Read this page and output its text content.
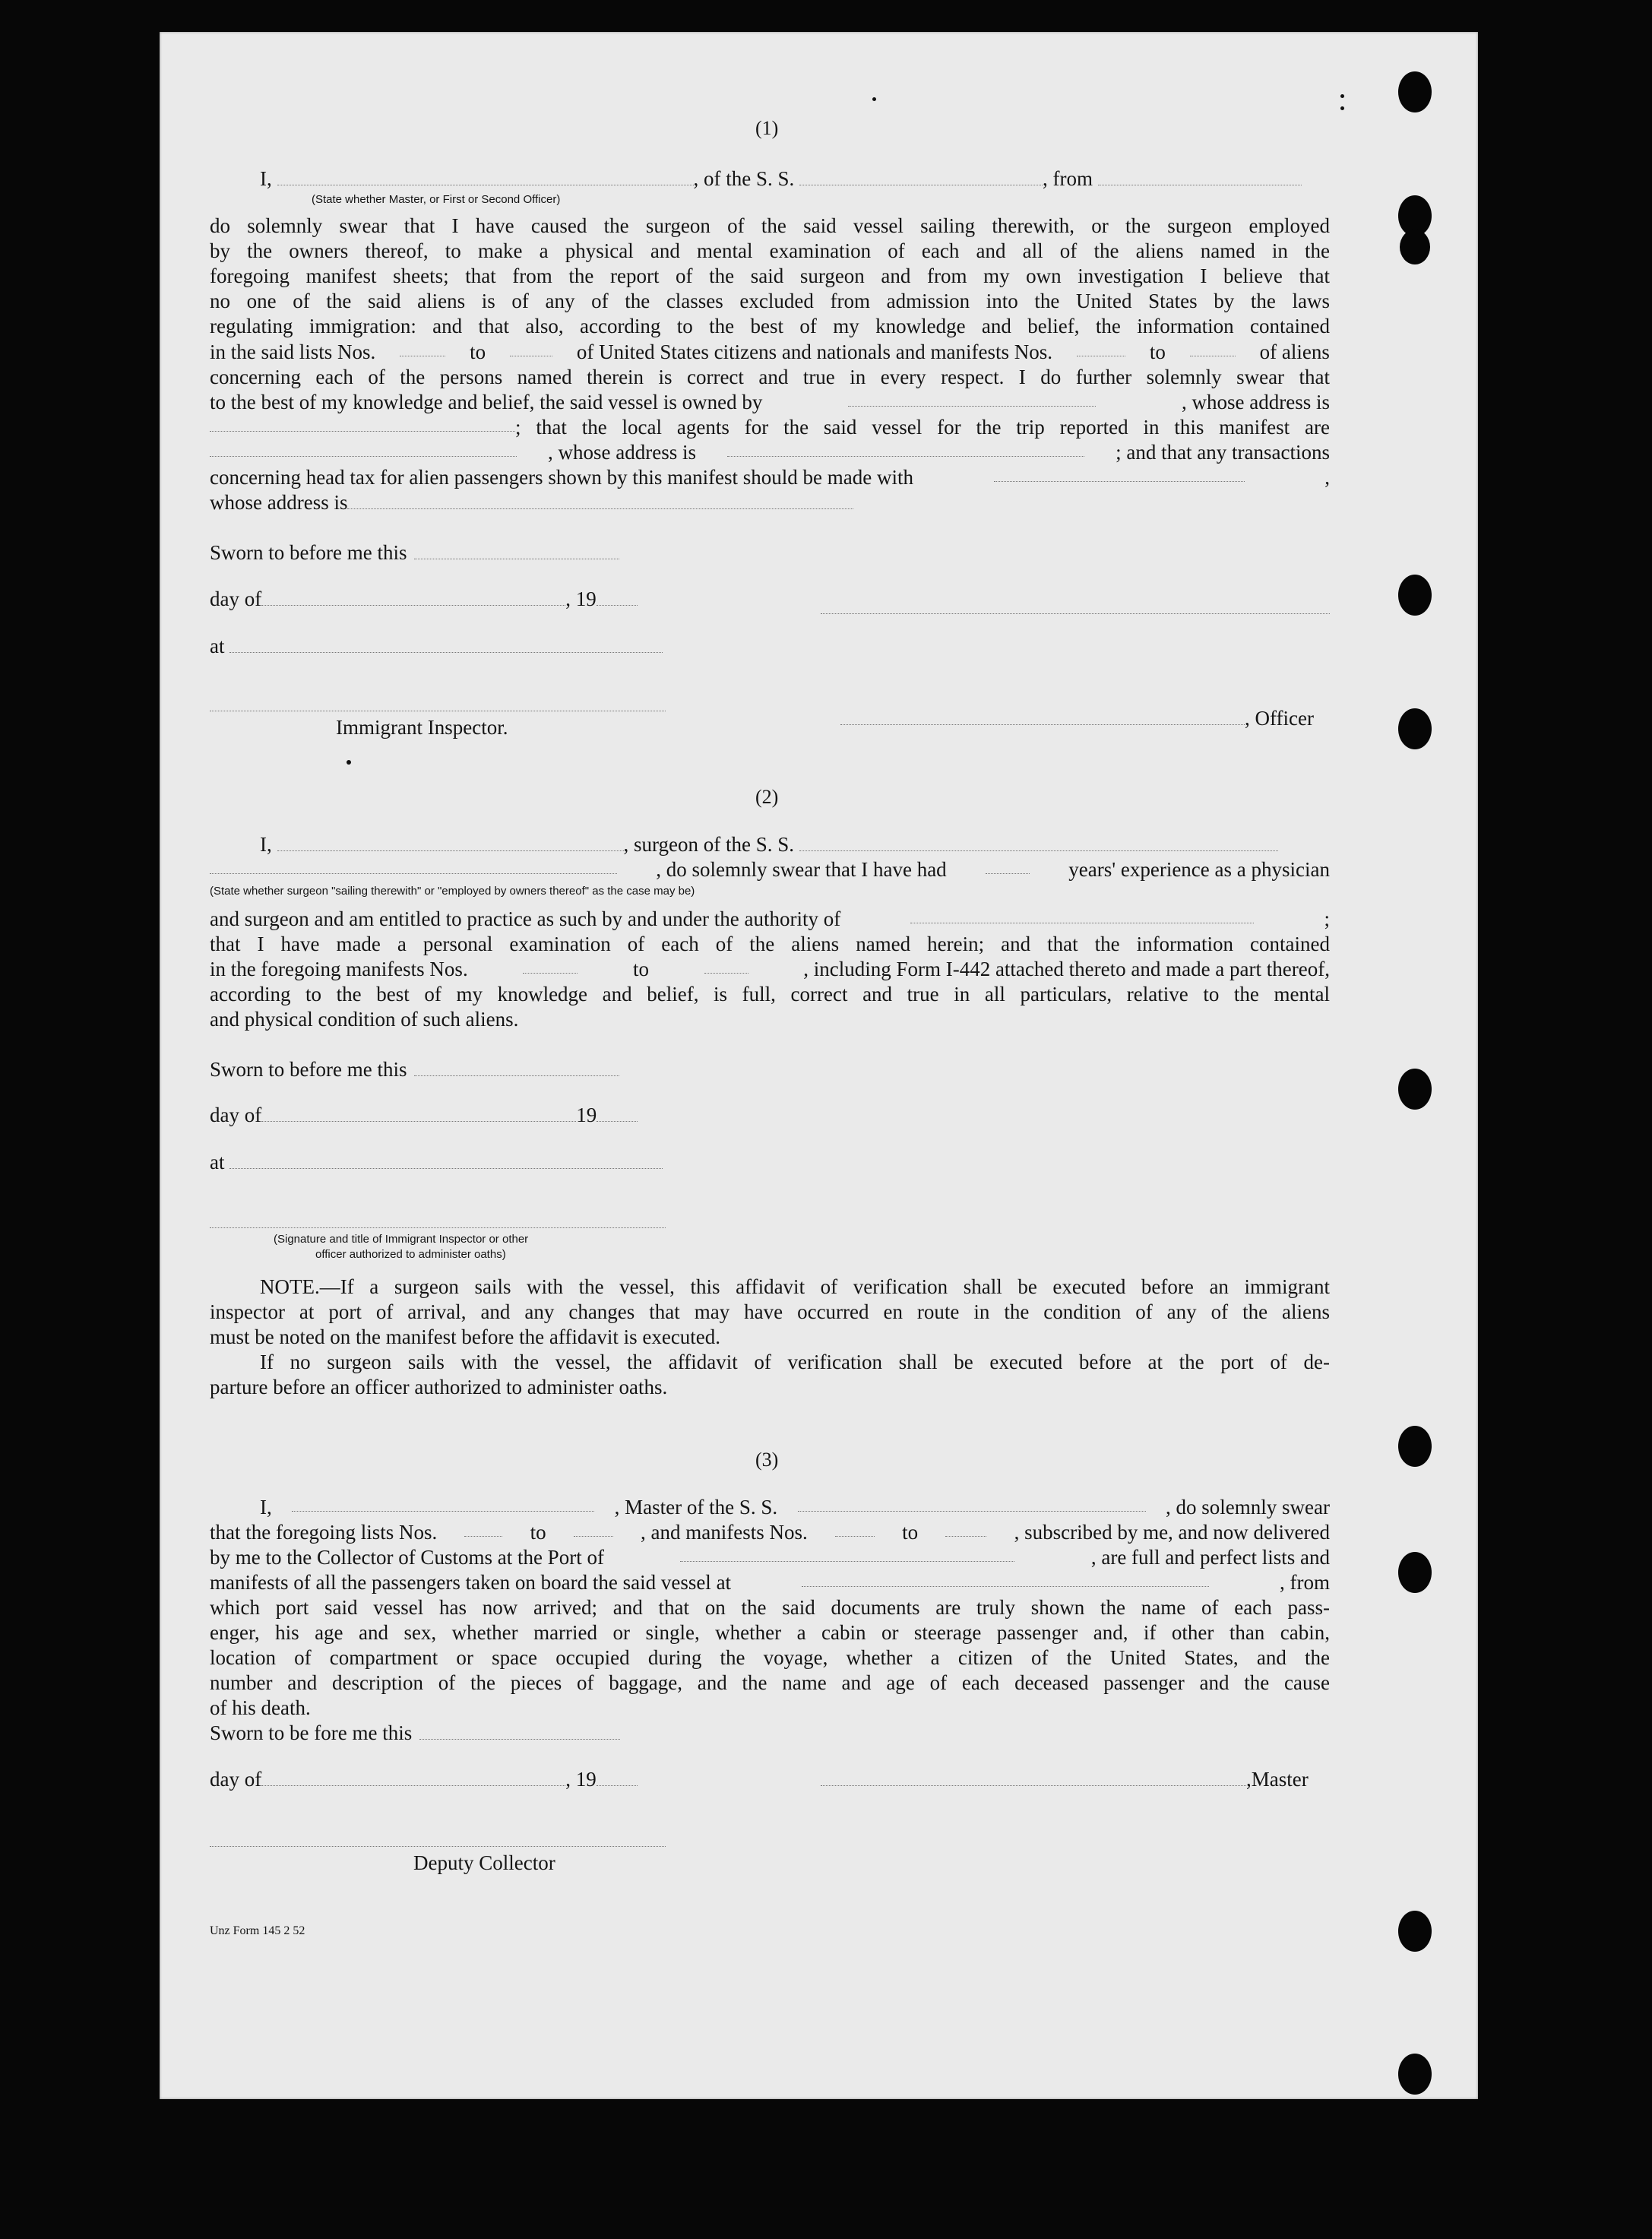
(1)
I,	, of the S. S.	, from
(State whether Master, or First or Second Officer)
do solemnly swear that I have caused the surgeon of the said vessel sailing therewith, or the surgeon employed
by the owners thereof, to make a physical and mental examination of each and all of the aliens named in the
foregoing manifest sheets; that from the report of the said surgeon and from my own investigation I believe that
no one of the said aliens is of any of the classes excluded from admission into the United States by the laws
regulating immigration: and that also, according to the best of my knowledge and belief, the information contained
in the said lists Nos.	to	of United States citizens and nationals and manifests Nos.	to	of aliens
concerning each of the persons named therein is correct and true in every respect. I do further solemnly swear that
to the best of my knowledge and belief, the said vessel is owned by	, whose address is
; that the local agents for the said vessel for the trip reported in this manifest are
, whose address is	; and that any transactions
concerning head tax for alien passengers shown by this manifest should be made with	,
whose address is
Sworn to before me this
day of	, 19
at
Immigrant Inspector.	, Officer
(2)
I,	, surgeon of the S. S.
, do solemnly swear that I have had	years' experience as a physician
(State whether surgeon "sailing therewith" or "employed by owners thereof" as the case may be)
and surgeon and am entitled to practice as such by and under the authority of	;
that I have made a personal examination of each of the aliens named herein; and that the information contained
in the foregoing manifests Nos.	to	, including Form I-442 attached thereto and made a part thereof,
according to the best of my knowledge and belief, is full, correct and true in all particulars, relative to the mental
and physical condition of such aliens.
Sworn to before me this
day of	19
at
(Signature and title of Immigrant Inspector or other
officer authorized to administer oaths)
NOTE.—If a surgeon sails with the vessel, this affidavit of verification shall be executed before an immigrant
inspector at port of arrival, and any changes that may have occurred en route in the condition of any of the aliens
must be noted on the manifest before the affidavit is executed.
If no surgeon sails with the vessel, the affidavit of verification shall be executed before at the port of de-
parture before an officer authorized to administer oaths.
(3)
I,	, Master of the S. S.	, do solemnly swear
that the foregoing lists Nos.	to	, and manifests Nos.	to	, subscribed by me, and now delivered
by me to the Collector of Customs at the Port of	, are full and perfect lists and
manifests of all the passengers taken on board the said vessel at	, from
which port said vessel has now arrived; and that on the said documents are truly shown the name of each pass-
enger, his age and sex, whether married or single, whether a cabin or steerage passenger and, if other than cabin,
location of compartment or space occupied during the voyage, whether a citizen of the United States, and the
number and description of the pieces of baggage, and the name and age of each deceased passenger and the cause
of his death.
Sworn to be fore me this
day of	, 19	,Master
Deputy Collector
Unz Form 145 2 52
